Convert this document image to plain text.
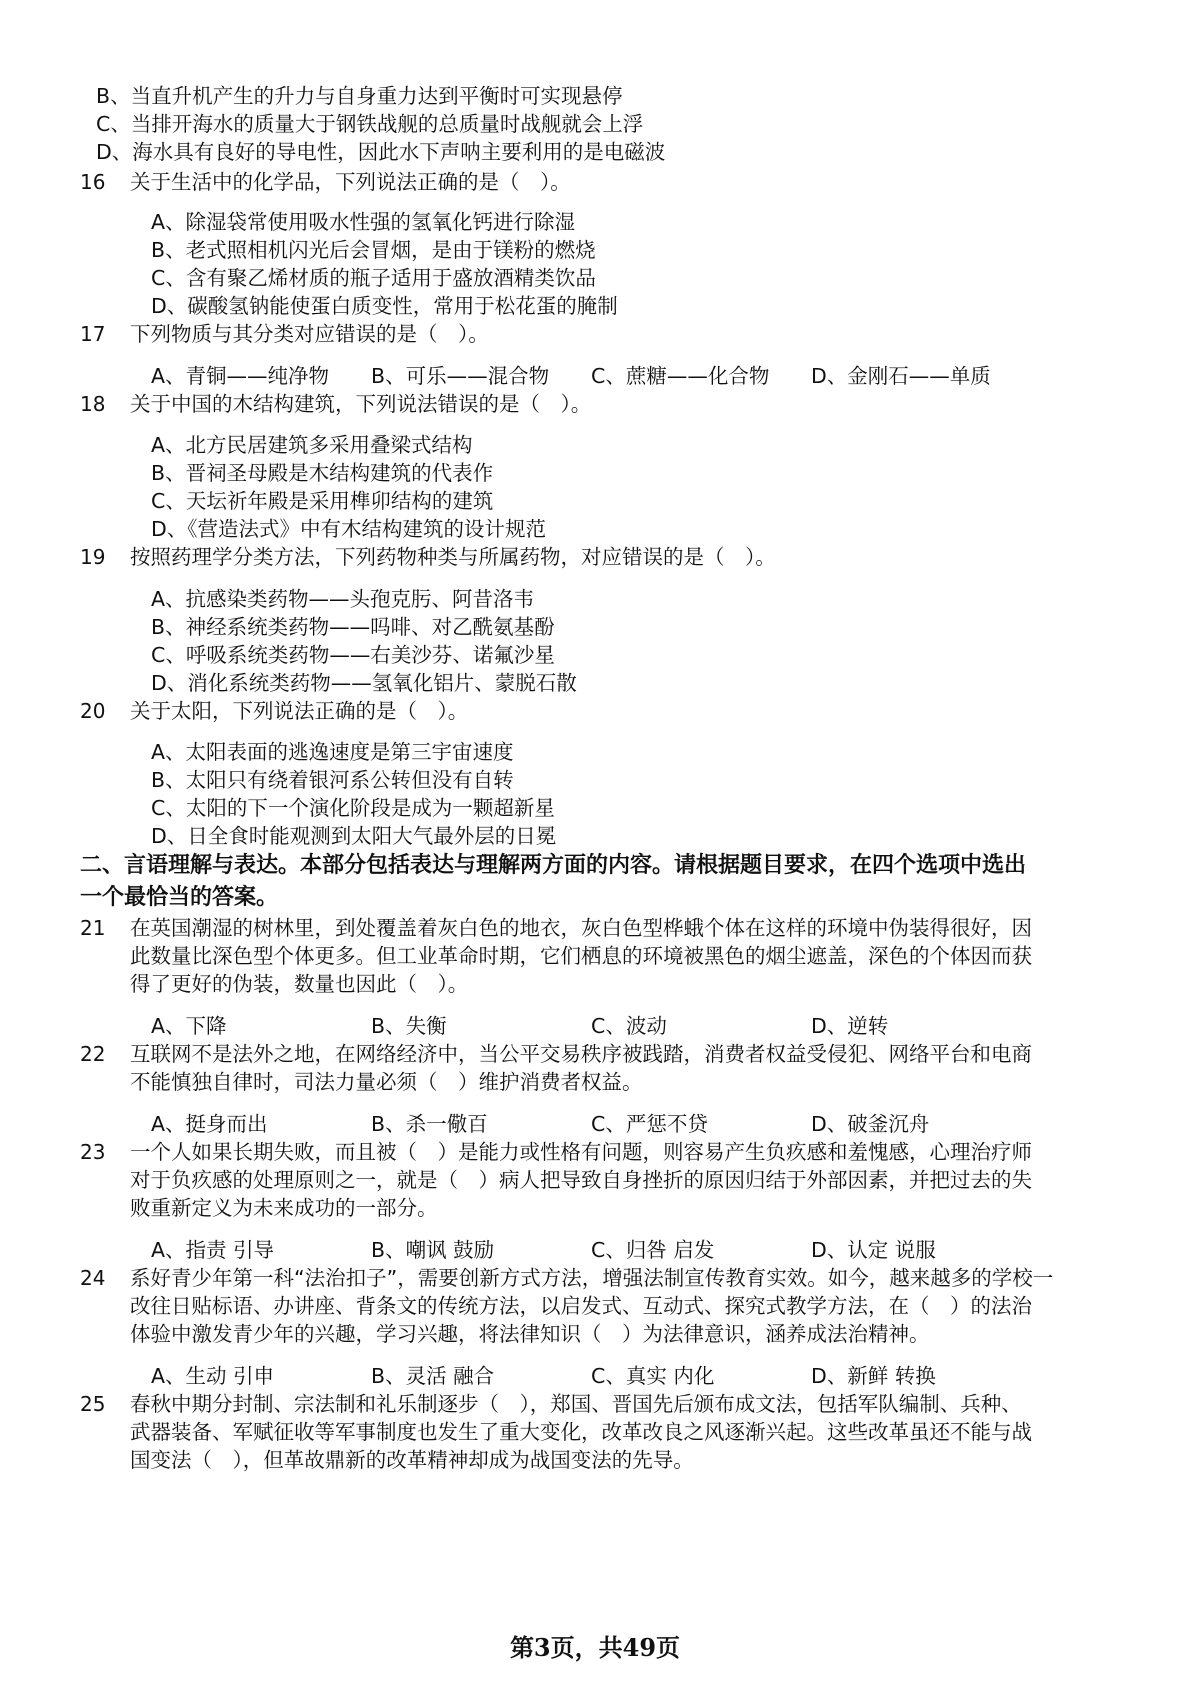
B、当直升机产生的升力与自身重力达到平衡时可实现悬停
C、当排开海水的质量大于钢铁战舰的总质量时战舰就会上浮
D、海水具有良好的导电性，因此水下声呐主要利用的是电磁波
16 关于生活中的化学品，下列说法正确的是（　）。
A、除湿袋常使用吸水性强的氢氧化钙进行除湿
B、老式照相机闪光后会冒烟，是由于镁粉的燃烧
C、含有聚乙烯材质的瓶子适用于盛放酒精类饮品
D、碳酸氢钠能使蛋白质变性，常用于松花蛋的腌制
17 下列物质与其分类对应错误的是（　）。
A、青铜——纯净物 B、可乐——混合物 C、蔗糖——化合物 D、金刚石——单质
18 关于中国的木结构建筑，下列说法错误的是（　）。
A、北方民居建筑多采用叠梁式结构
B、晋祠圣母殿是木结构建筑的代表作
C、天坛祈年殿是采用榫卯结构的建筑
D、《营造法式》中有木结构建筑的设计规范
19 按照药理学分类方法，下列药物种类与所属药物，对应错误的是（　）。
A、抗感染类药物——头孢克肟、阿昔洛韦
B、神经系统类药物——吗啡、对乙酰氨基酚
C、呼吸系统类药物——右美沙芬、诺氟沙星
D、消化系统类药物——氢氧化铝片、蒙脱石散
20 关于太阳，下列说法正确的是（　）。
A、太阳表面的逃逸速度是第三宇宙速度
B、太阳只有绕着银河系公转但没有自转
C、太阳的下一个演化阶段是成为一颗超新星
D、日全食时能观测到太阳大气最外层的日冕
二、言语理解与表达。本部分包括表达与理解两方面的内容。请根据题目要求，在四个选项中选出
一个最恰当的答案。
21 在英国潮湿的树林里，到处覆盖着灰白色的地衣，灰白色型桦蛾个体在这样的环境中伪装得很好，因
此数量比深色型个体更多。但工业革命时期，它们栖息的环境被黑色的烟尘遮盖，深色的个体因而获
得了更好的伪装，数量也因此（　）。
A、下降	B、失衡	C、波动	D、逆转
22 互联网不是法外之地，在网络经济中，当公平交易秩序被践踏，消费者权益受侵犯、网络平台和电商
不能慎独自律时，司法力量必须（　）维护消费者权益。
A、挺身而出	B、杀一儆百	C、严惩不贷	D、破釜沉舟
23 一个人如果长期失败，而且被（　）是能力或性格有问题，则容易产生负疚感和羞愧感，心理治疗师
对于负疚感的处理原则之一，就是（　）病人把导致自身挫折的原因归结于外部因素，并把过去的失
败重新定义为未来成功的一部分。
A、指责 引导	B、嘲讽 鼓励	C、归咎 启发	D、认定 说服
24 系好青少年第一科“法治扣子”，需要创新方式方法，增强法制宣传教育实效。如今，越来越多的学校一
改往日贴标语、办讲座、背条文的传统方法，以启发式、互动式、探究式教学方法，在（　）的法治
体验中激发青少年的兴趣，学习兴趣，将法律知识（　）为法律意识，涵养成法治精神。
A、生动 引申	B、灵活 融合	C、真实 内化	D、新鲜 转换
25 春秋中期分封制、宗法制和礼乐制逐步（　），郑国、晋国先后颁布成文法，包括军队编制、兵种、
武器装备、军赋征收等军事制度也发生了重大变化，改革改良之风逐渐兴起。这些改革虽还不能与战
国变法（　），但革故鼎新的改革精神却成为战国变法的先导。
第3页，共49页
